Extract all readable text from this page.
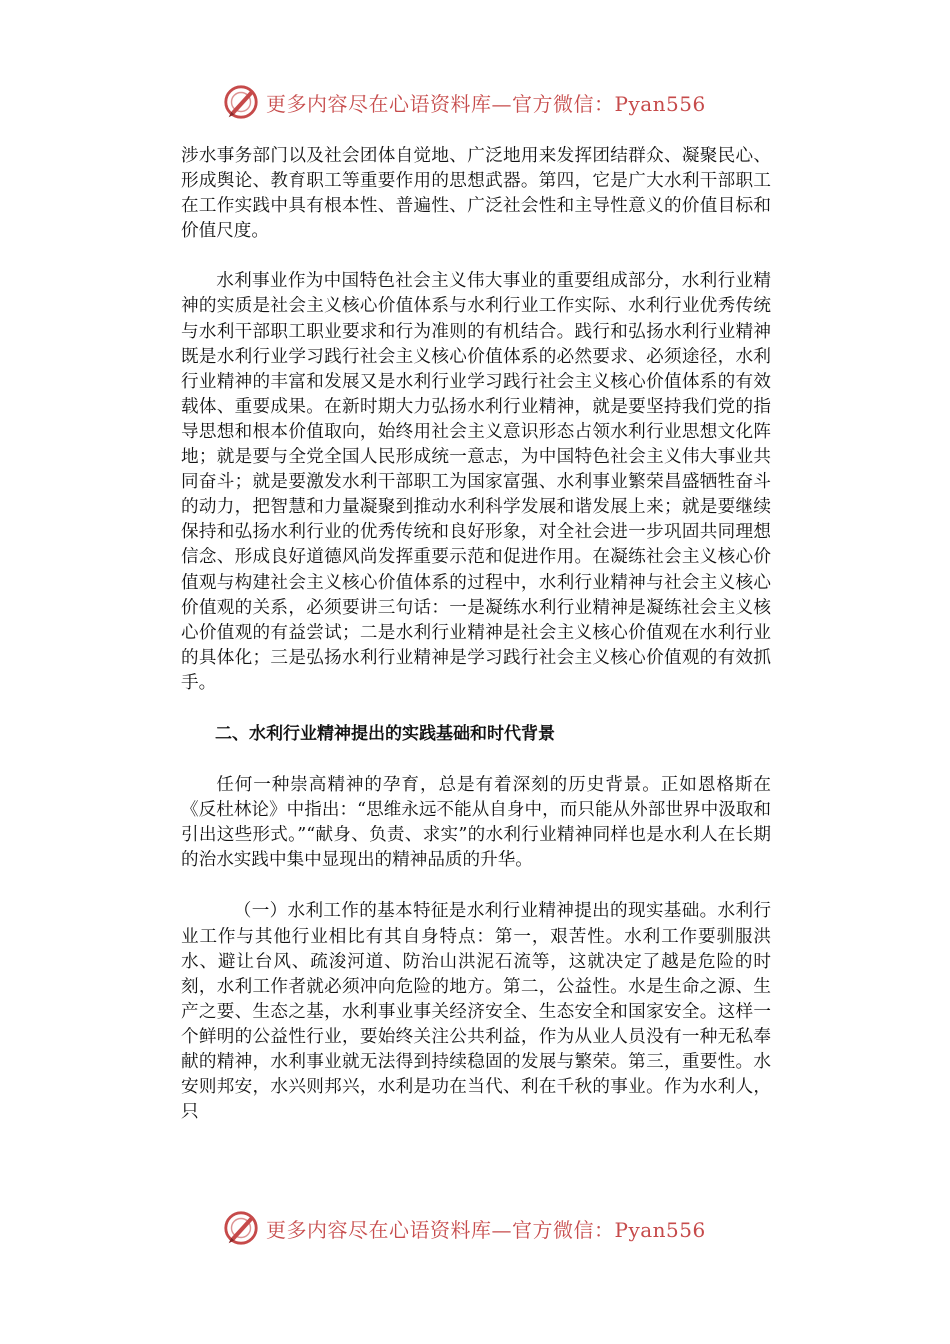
更多内容尽在心语资料库—官方微信：Pyan556

涉水事务部门以及社会团体自觉地、广泛地用来发挥团结群众、凝聚民心、形成舆论、教育职工等重要作用的思想武器。第四，它是广大水利干部职工在工作实践中具有根本性、普遍性、广泛社会性和主导性意义的价值目标和价值尺度。

水利事业作为中国特色社会主义伟大事业的重要组成部分，水利行业精神的实质是社会主义核心价值体系与水利行业工作实际、水利行业优秀传统与水利干部职工职业要求和行为准则的有机结合。践行和弘扬水利行业精神既是水利行业学习践行社会主义核心价值体系的必然要求、必须途径，水利行业精神的丰富和发展又是水利行业学习践行社会主义核心价值体系的有效载体、重要成果。在新时期大力弘扬水利行业精神，就是要坚持我们党的指导思想和根本价值取向，始终用社会主义意识形态占领水利行业思想文化阵地；就是要与全党全国人民形成统一意志，为中国特色社会主义伟大事业共同奋斗；就是要激发水利干部职工为国家富强、水利事业繁荣昌盛牺牲奋斗的动力，把智慧和力量凝聚到推动水利科学发展和谐发展上来；就是要继续保持和弘扬水利行业的优秀传统和良好形象，对全社会进一步巩固共同理想信念、形成良好道德风尚发挥重要示范和促进作用。在凝练社会主义核心价值观与构建社会主义核心价值体系的过程中，水利行业精神与社会主义核心价值观的关系，必须要讲三句话：一是凝练水利行业精神是凝练社会主义核心价值观的有益尝试；二是水利行业精神是社会主义核心价值观在水利行业的具体化；三是弘扬水利行业精神是学习践行社会主义核心价值观的有效抓手。

二、水利行业精神提出的实践基础和时代背景

任何一种崇高精神的孕育，总是有着深刻的历史背景。正如恩格斯在《反杜林论》中指出：“思维永远不能从自身中，而只能从外部世界中汲取和引出这些形式。”“献身、负责、求实”的水利行业精神同样也是水利人在长期的治水实践中集中显现出的精神品质的升华。

（一）水利工作的基本特征是水利行业精神提出的现实基础。水利行业工作与其他行业相比有其自身特点：第一，艰苦性。水利工作要驯服洪水、避让台风、疏浚河道、防治山洪泥石流等，这就决定了越是危险的时刻，水利工作者就必须冲向危险的地方。第二，公益性。水是生命之源、生产之要、生态之基，水利事业事关经济安全、生态安全和国家安全。这样一个鲜明的公益性行业，要始终关注公共利益，作为从业人员没有一种无私奉献的精神，水利事业就无法得到持续稳固的发展与繁荣。第三，重要性。水安则邦安，水兴则邦兴，水利是功在当代、利在千秋的事业。作为水利人，只

更多内容尽在心语资料库—官方微信：Pyan556
